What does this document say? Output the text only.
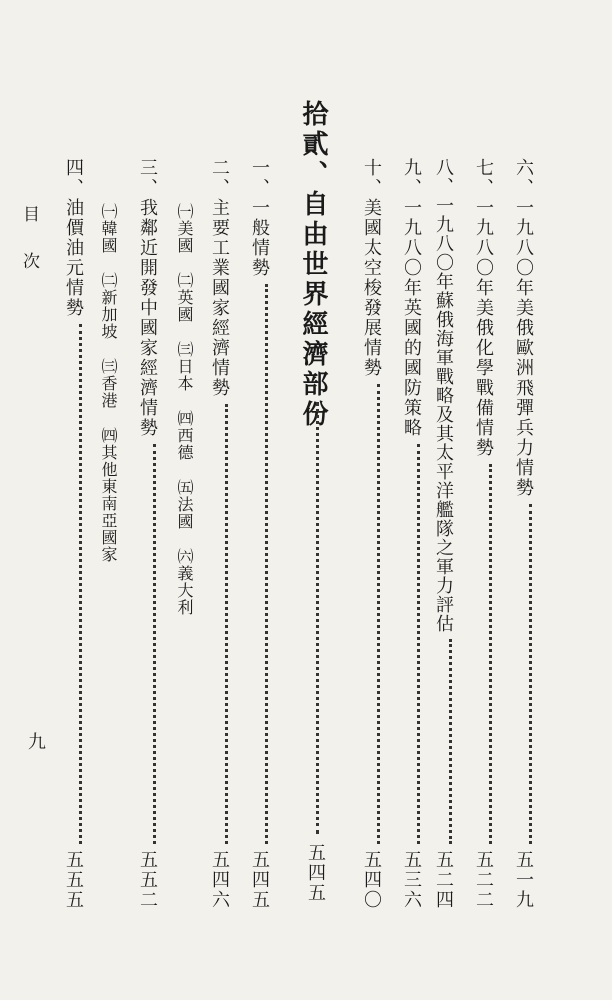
六、一九八〇年美俄歐洲飛彈兵力情勢
五一九
七、一九八〇年美俄化學戰備情勢
五二二
八、一九八〇年蘇俄海軍戰略及其太平洋艦隊之軍力評估
五二四
九、一九八〇年英國的國防策略
五三六
十、美國太空梭發展情勢
五四〇
拾貳、自由世界經濟部份
五四五
一、一般情勢
五四五
二、主要工業國家經濟情勢
五四六
㈠美國㈡英國㈢日本㈣西德㈤法國㈥義大利
三、我鄰近開發中國家經濟情勢
五五二
㈠韓國㈡新加坡㈢香港㈣其他東南亞國家
四、油價油元情勢
五五五
目次
九
